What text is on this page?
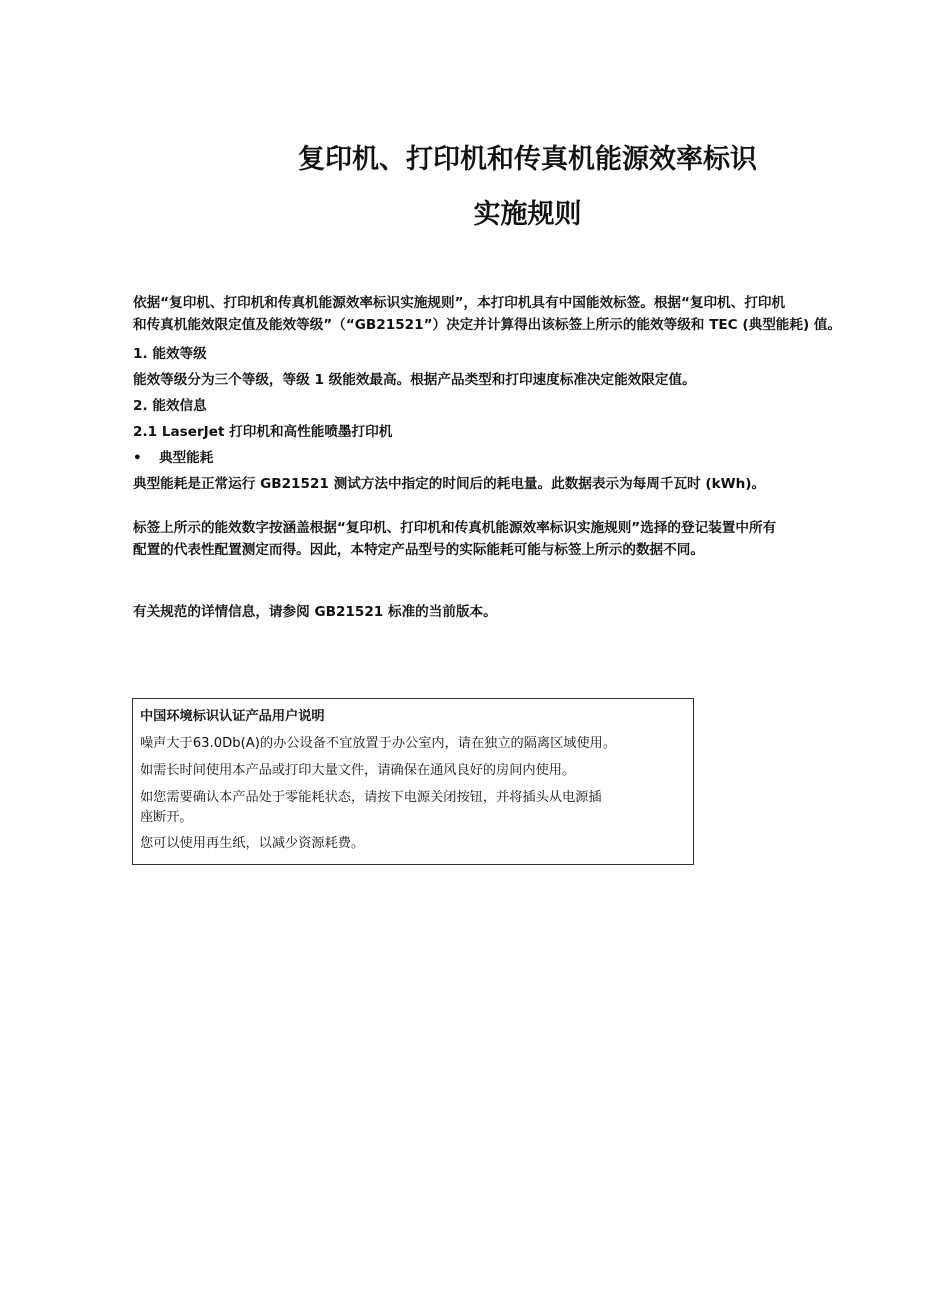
复印机、打印机和传真机能源效率标识
实施规则

依据“复印机、打印机和传真机能源效率标识实施规则”，本打印机具有中国能效标签。根据“复印机、打印机
和传真机能效限定值及能效等级”（“GB21521”）决定并计算得出该标签上所示的能效等级和 TEC (典型能耗) 值。

1. 能效等级

能效等级分为三个等级，等级 1 级能效最高。根据产品类型和打印速度标准决定能效限定值。

2. 能效信息

2.1 LaserJet 打印机和高性能喷墨打印机

• 典型能耗

典型能耗是正常运行 GB21521 测试方法中指定的时间后的耗电量。此数据表示为每周千瓦时 (kWh)。

标签上所示的能效数字按涵盖根据“复印机、打印机和传真机能源效率标识实施规则”选择的登记装置中所有
配置的代表性配置测定而得。因此，本特定产品型号的实际能耗可能与标签上所示的数据不同。

有关规范的详情信息，请参阅 GB21521 标准的当前版本。

中国环境标识认证产品用户说明

噪声大于63.0Db(A)的办公设备不宜放置于办公室内，请在独立的隔离区域使用。

如需长时间使用本产品或打印大量文件，请确保在通风良好的房间内使用。

如您需要确认本产品处于零能耗状态，请按下电源关闭按钮，并将插头从电源插
座断开。

您可以使用再生纸，以减少资源耗费。
